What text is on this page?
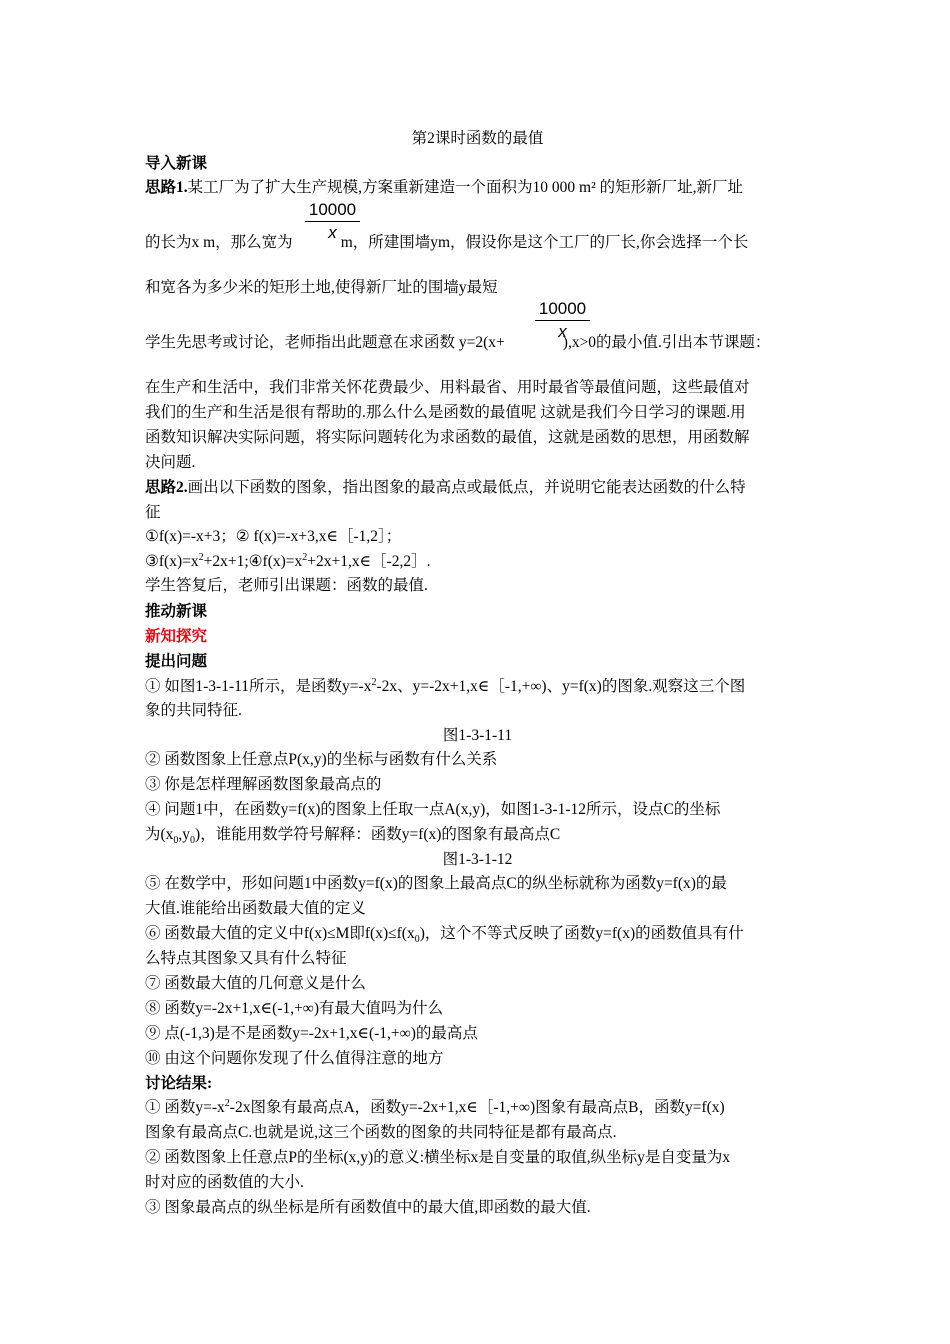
第2课时函数的最值
导入新课
思路1.某工厂为了扩大生产规模,方案重新建造一个面积为10 000 m² 的矩形新厂址,新厂址
10000
x
的长为x m，那么宽为	m，所建围墙ym，假设你是这个工厂的厂长,你会选择一个长
和宽各为多少米的矩形土地,使得新厂址的围墙y最短
10000
x
学生先思考或讨论，老师指出此题意在求函数 y=2(x+	),x>0的最小值.引出本节课题：
在生产和生活中，我们非常关怀花费最少、用料最省、用时最省等最值问题，这些最值对
我们的生产和生活是很有帮助的.那么什么是函数的最值呢 这就是我们今日学习的课题.用
函数知识解决实际问题，将实际问题转化为求函数的最值，这就是函数的思想，用函数解
决问题.
思路2.画出以下函数的图象，指出图象的最高点或最低点，并说明它能表达函数的什么特
征
①f(x)=-x+3；② f(x)=-x+3,x∈［-1,2］；
$③f(x)=x^2+2x+1;④f(x)=x^2+2x+1,x\in[-2,2]$.
学生答复后，老师引出课题：函数的最值.
推动新课
新知探究
提出问题
① 如图1-3-1-11所示，是函数$y=-x^2-2x$、y=-2x+1,x∈［-1,+∞)、y=f(x)的图象.观察这三个图
象的共同特征.
图1-3-1-11
② 函数图象上任意点P(x,y)的坐标与函数有什么关系
③ 你是怎样理解函数图象最高点的
④ 问题1中，在函数y=f(x)的图象上任取一点A(x,y)，如图1-3-1-12所示，设点C的坐标
为$(x_0,y_0)$，谁能用数学符号解释：函数y=f(x)的图象有最高点C
图1-3-1-12
⑤ 在数学中，形如问题1中函数y=f(x)的图象上最高点C的纵坐标就称为函数y=f(x)的最
大值.谁能给出函数最大值的定义
⑥ 函数最大值的定义中f(x)≤M即$f(x)\le f(x_0)$，这个不等式反映了函数y=f(x)的函数值具有什
么特点其图象又具有什么特征
⑦ 函数最大值的几何意义是什么
⑧ 函数y=-2x+1,x∈(-1,+∞)有最大值吗为什么
⑨ 点(-1,3)是不是函数y=-2x+1,x∈(-1,+∞)的最高点
⑩ 由这个问题你发现了什么值得注意的地方
讨论结果:
① 函数$y=-x^2-2x$图象有最高点A，函数y=-2x+1,x∈［-1,+∞)图象有最高点B，函数y=f(x)
图象有最高点C.也就是说,这三个函数的图象的共同特征是都有最高点.
② 函数图象上任意点P的坐标(x,y)的意义:横坐标x是自变量的取值,纵坐标y是自变量为x
时对应的函数值的大小.
③ 图象最高点的纵坐标是所有函数值中的最大值,即函数的最大值.
